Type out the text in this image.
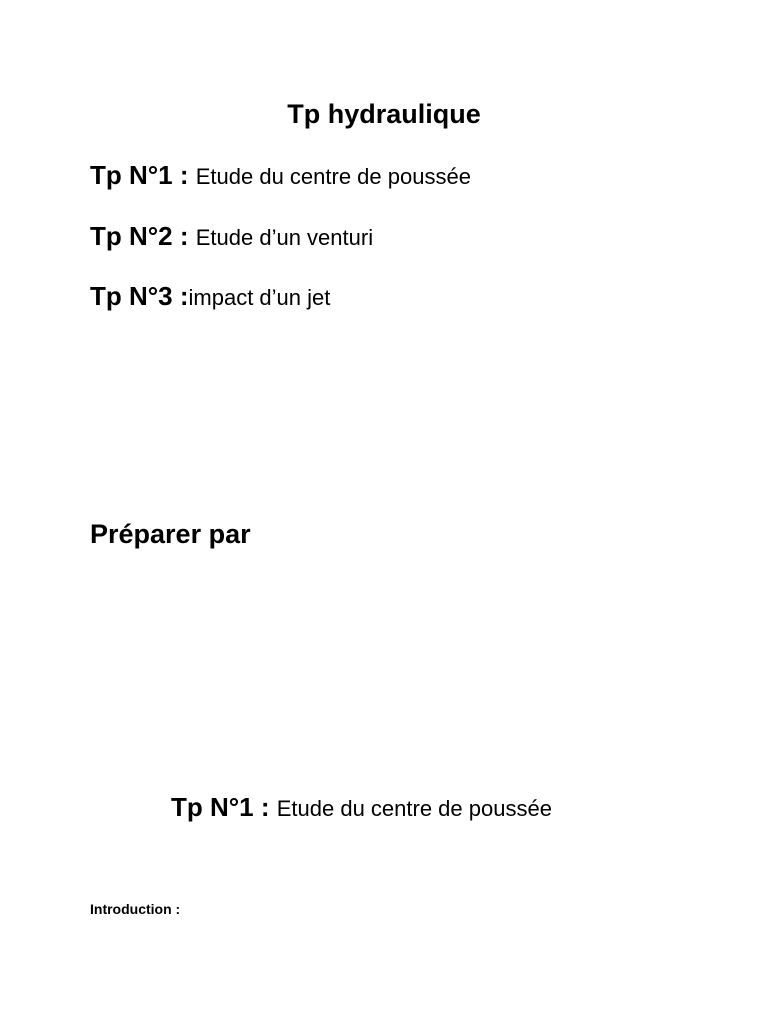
Tp hydraulique
Tp N°1 : Etude du centre de poussée
Tp N°2 : Etude d’un venturi
Tp N°3 :impact d’un jet
Préparer par
Tp N°1 : Etude du centre de poussée
Introduction :
